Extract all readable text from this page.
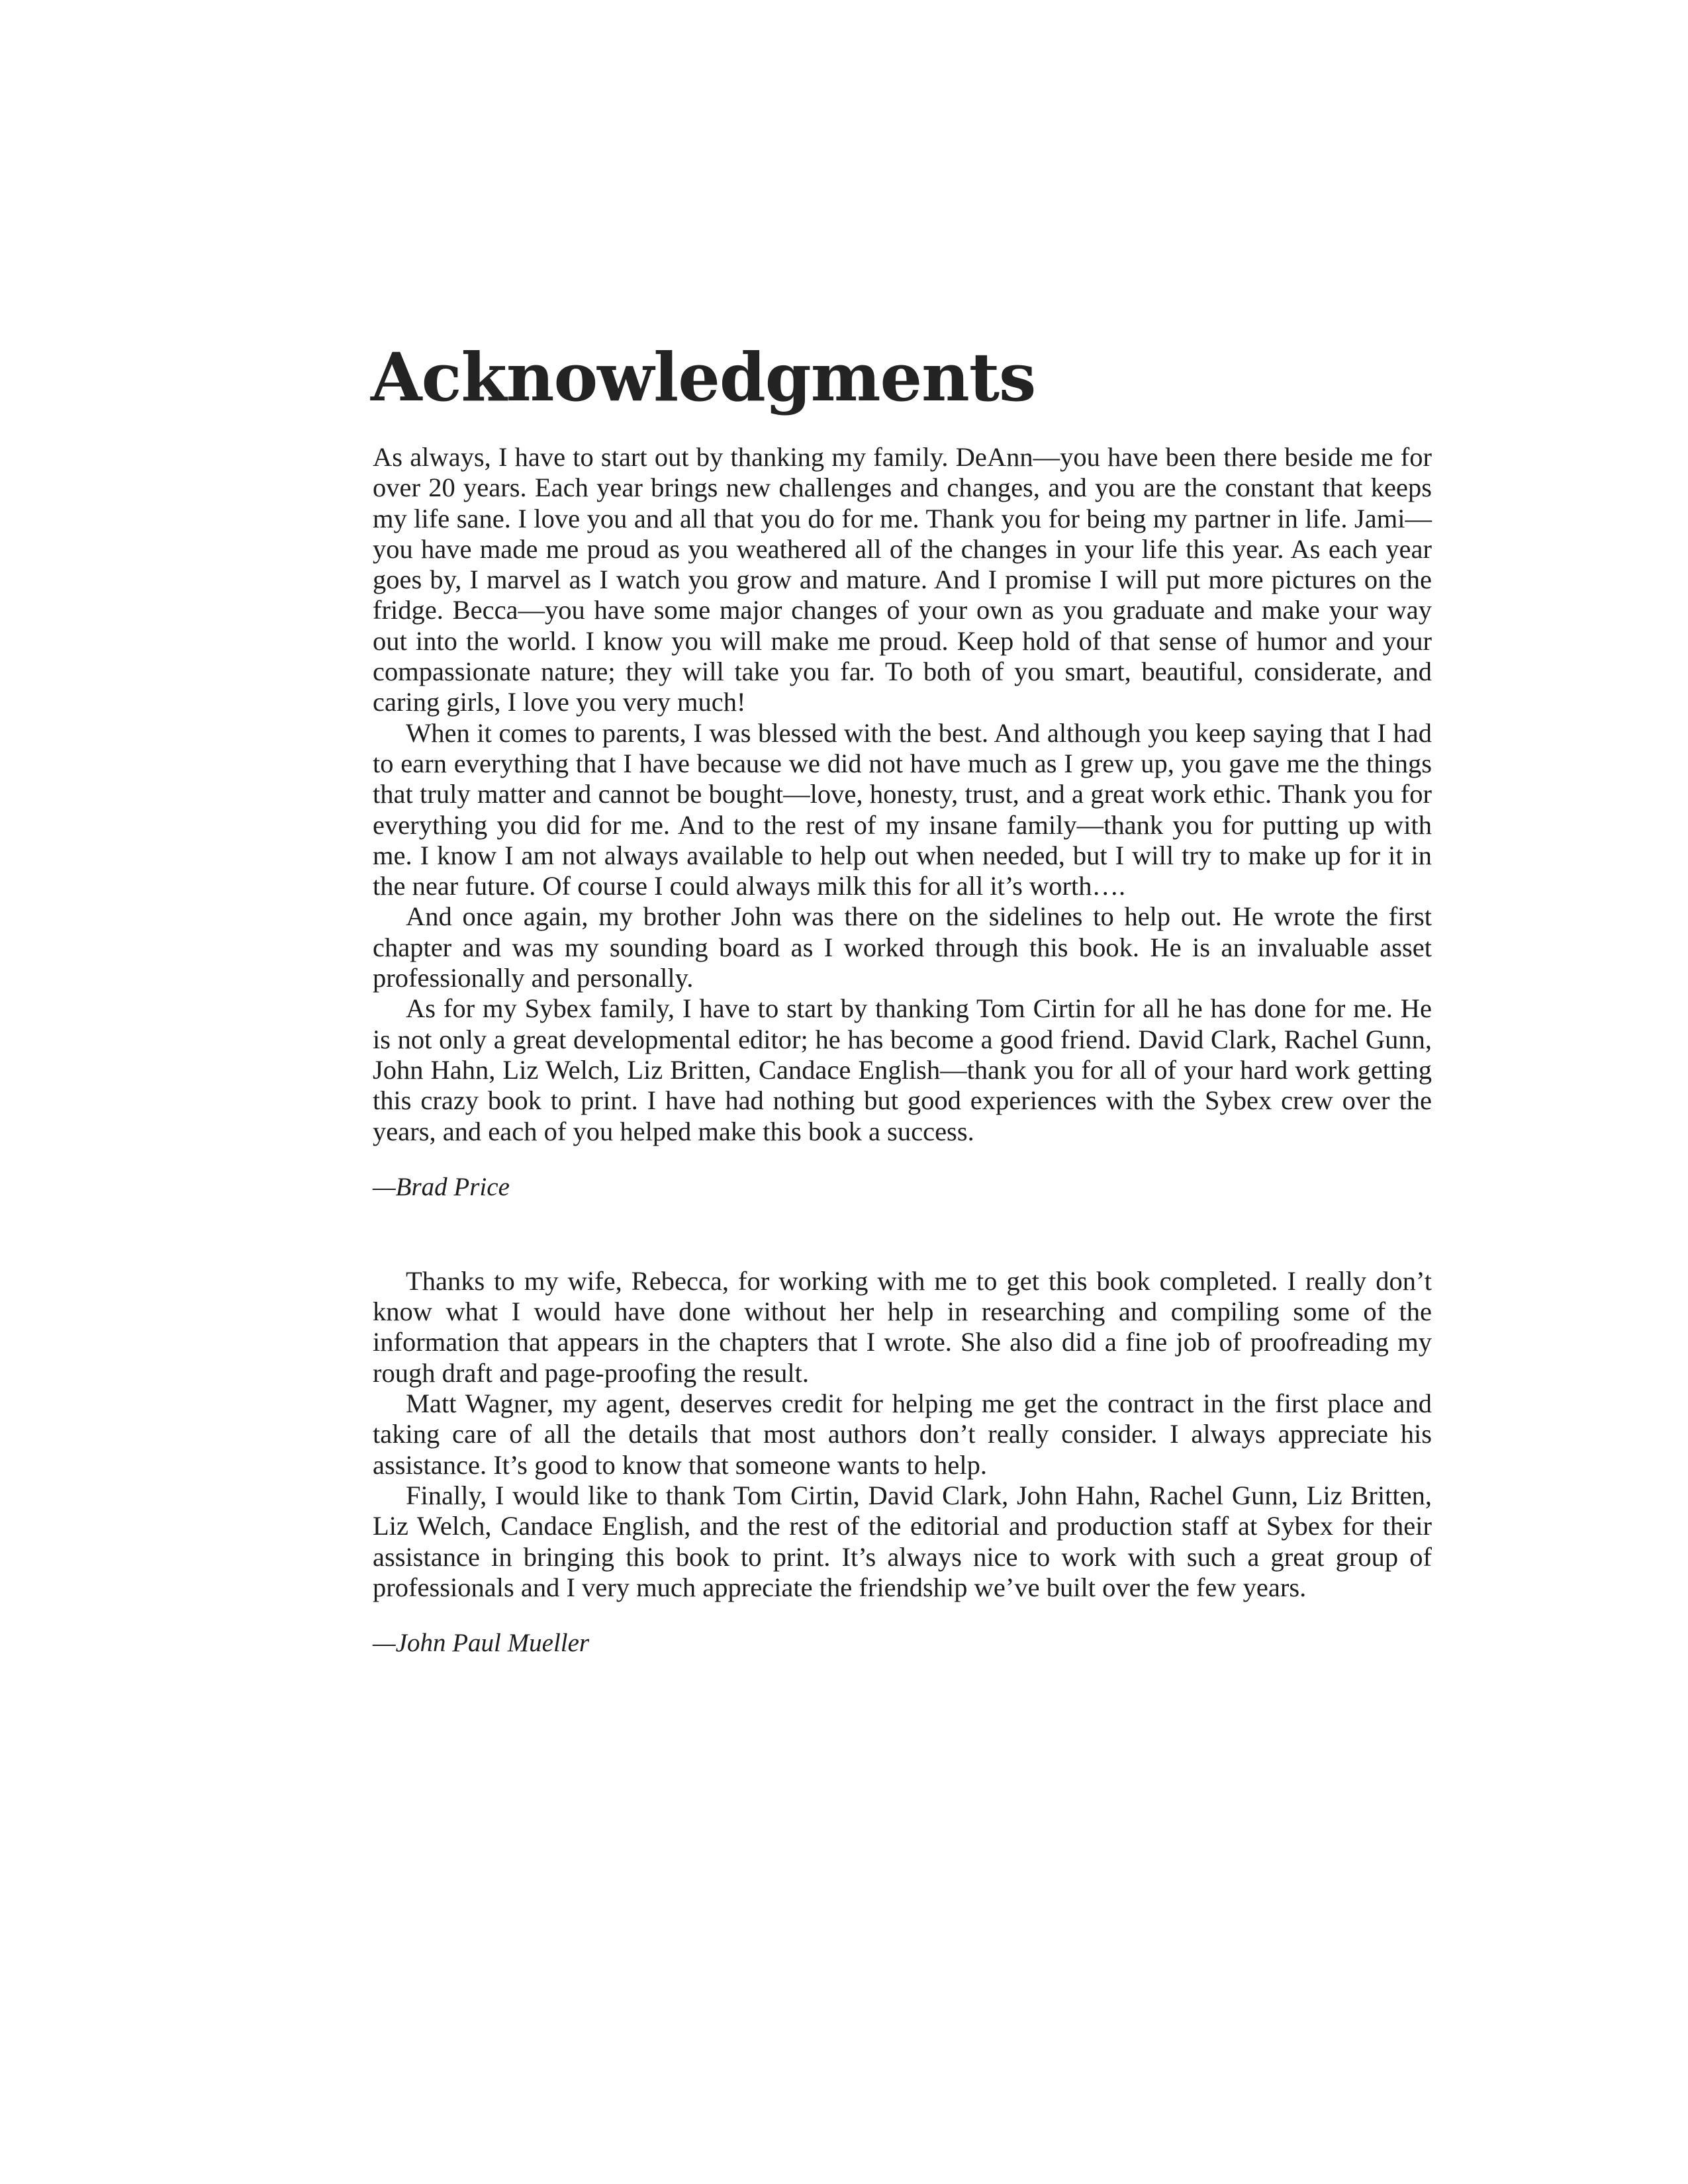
Acknowledgments

As always, I have to start out by thanking my family. DeAnn—you have been there beside me for over 20 years. Each year brings new challenges and changes, and you are the constant that keeps my life sane. I love you and all that you do for me. Thank you for being my partner in life. Jami—you have made me proud as you weathered all of the changes in your life this year. As each year goes by, I marvel as I watch you grow and mature. And I promise I will put more pictures on the fridge. Becca—you have some major changes of your own as you graduate and make your way out into the world. I know you will make me proud. Keep hold of that sense of humor and your compassionate nature; they will take you far. To both of you smart, beautiful, considerate, and caring girls, I love you very much!

When it comes to parents, I was blessed with the best. And although you keep saying that I had to earn everything that I have because we did not have much as I grew up, you gave me the things that truly matter and cannot be bought—love, honesty, trust, and a great work ethic. Thank you for everything you did for me. And to the rest of my insane family—thank you for putting up with me. I know I am not always available to help out when needed, but I will try to make up for it in the near future. Of course I could always milk this for all it’s worth….

And once again, my brother John was there on the sidelines to help out. He wrote the first chapter and was my sounding board as I worked through this book. He is an invaluable asset professionally and personally.

As for my Sybex family, I have to start by thanking Tom Cirtin for all he has done for me. He is not only a great developmental editor; he has become a good friend. David Clark, Rachel Gunn, John Hahn, Liz Welch, Liz Britten, Candace English—thank you for all of your hard work getting this crazy book to print. I have had nothing but good experiences with the Sybex crew over the years, and each of you helped make this book a success.

—Brad Price

Thanks to my wife, Rebecca, for working with me to get this book completed. I really don’t know what I would have done without her help in researching and compiling some of the information that appears in the chapters that I wrote. She also did a fine job of proofreading my rough draft and page-proofing the result.

Matt Wagner, my agent, deserves credit for helping me get the contract in the first place and taking care of all the details that most authors don’t really consider. I always appreciate his assistance. It’s good to know that someone wants to help.

Finally, I would like to thank Tom Cirtin, David Clark, John Hahn, Rachel Gunn, Liz Britten, Liz Welch, Candace English, and the rest of the editorial and production staff at Sybex for their assistance in bringing this book to print. It’s always nice to work with such a great group of professionals and I very much appreciate the friendship we’ve built over the few years.

—John Paul Mueller
